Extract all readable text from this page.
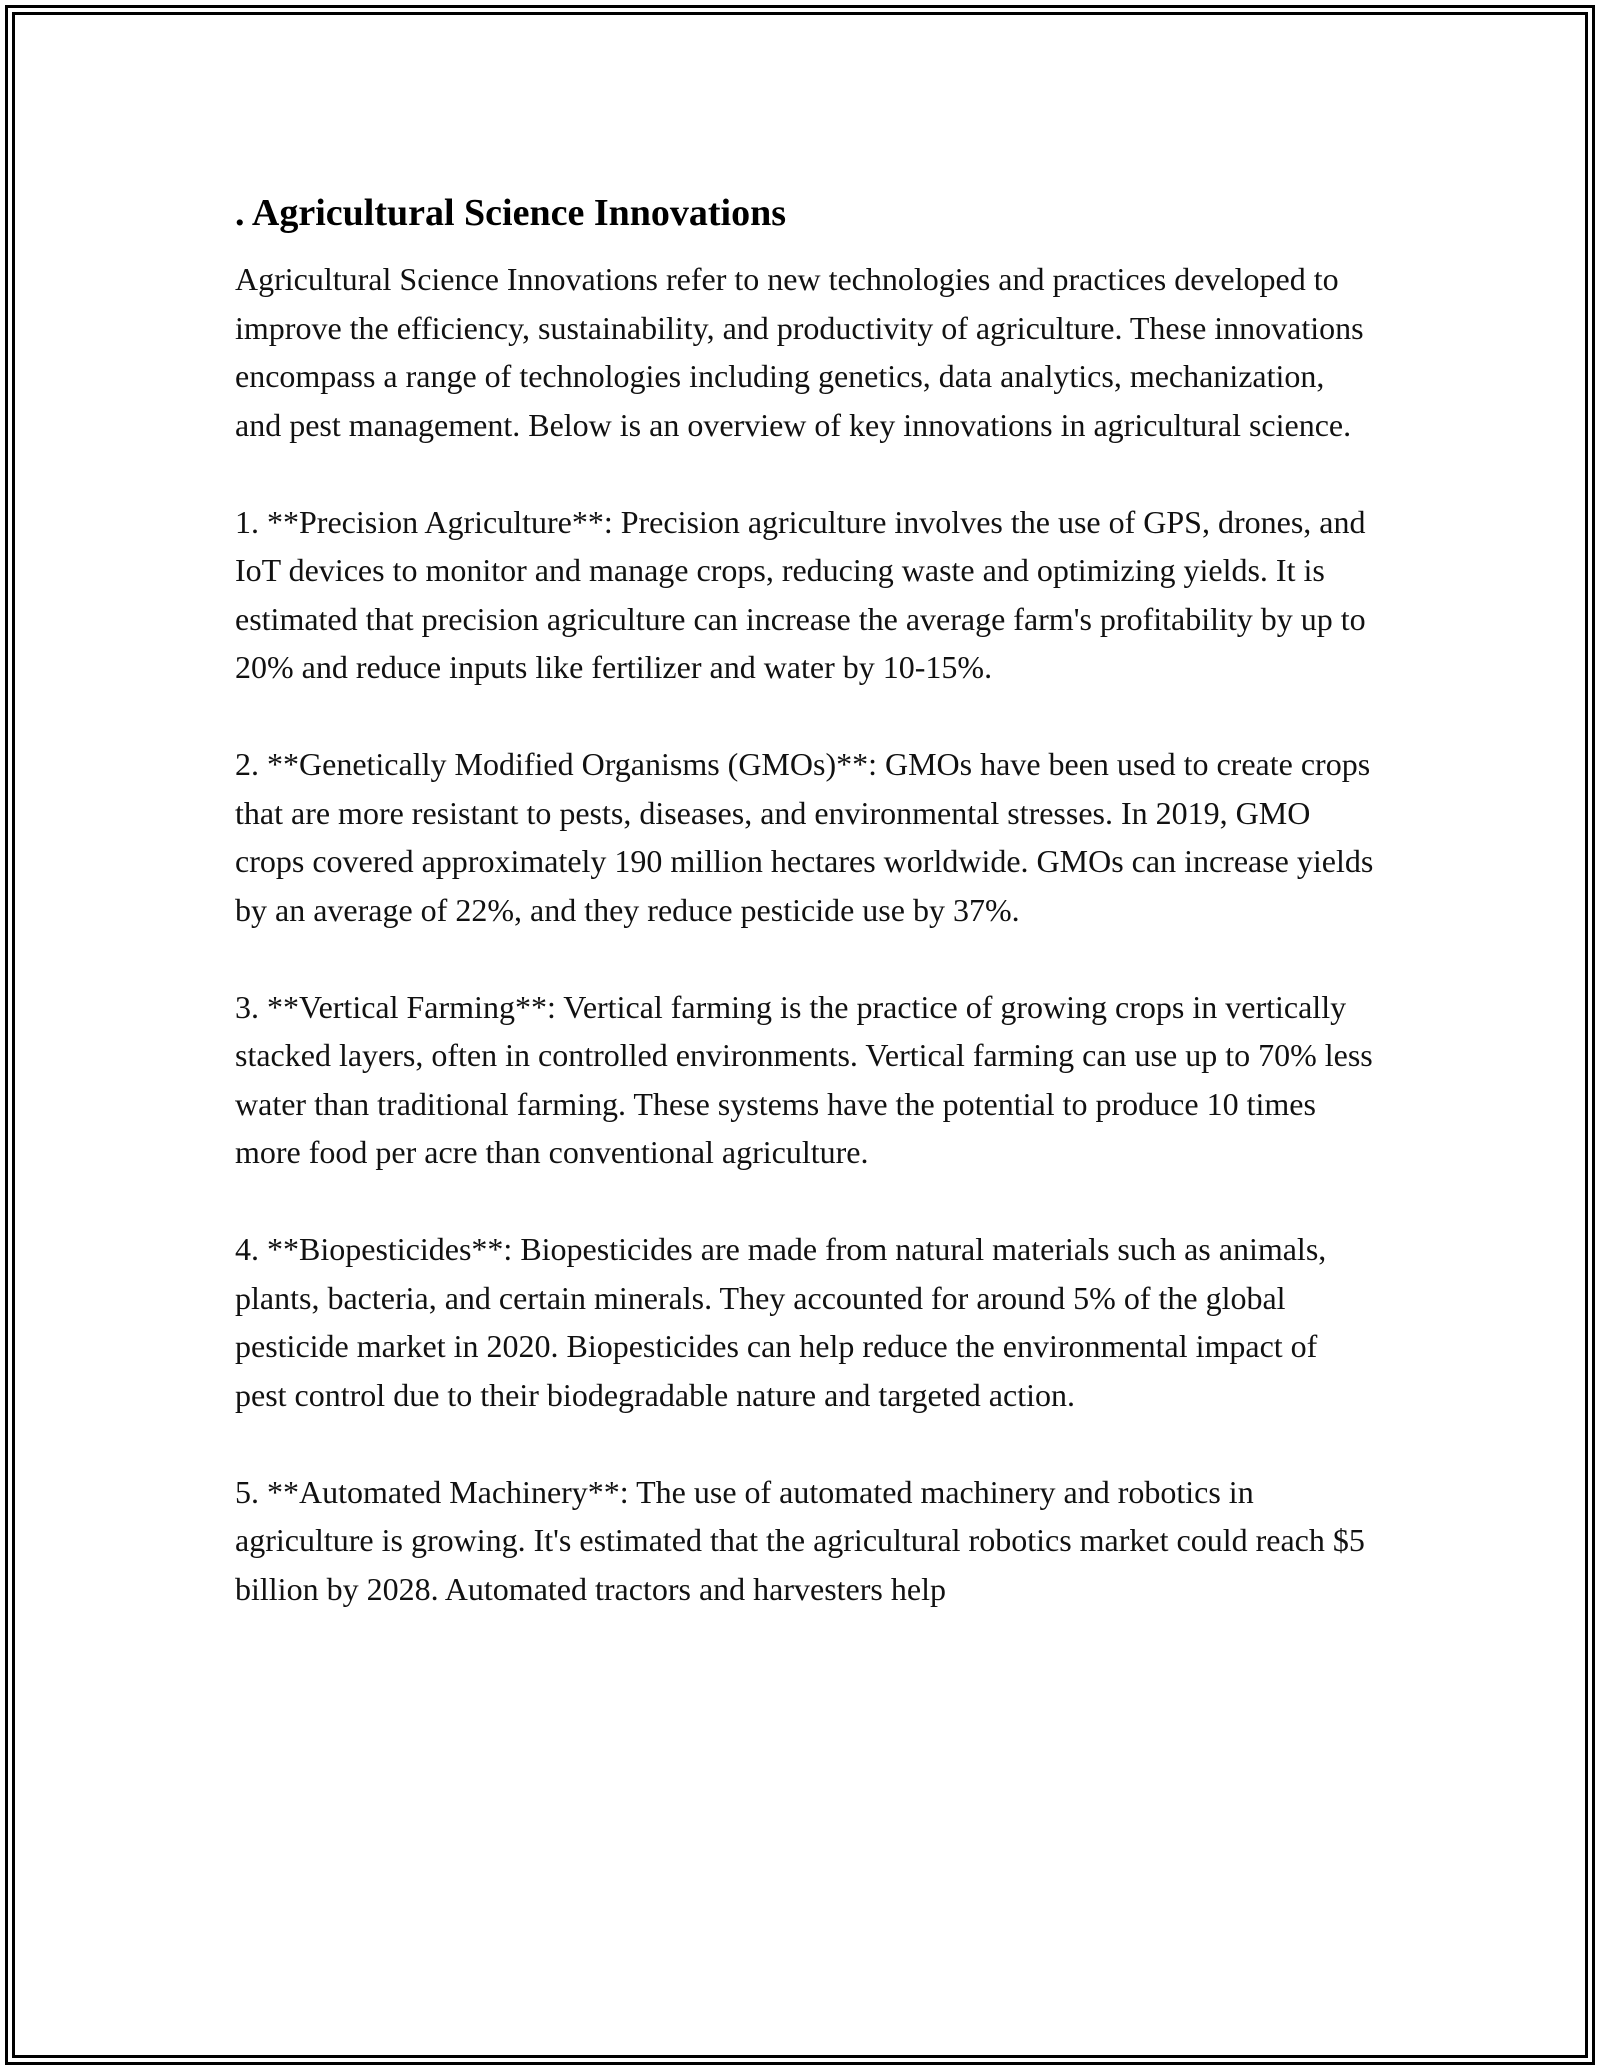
. Agricultural Science Innovations

Agricultural Science Innovations refer to new technologies and practices developed to improve the efficiency, sustainability, and productivity of agriculture. These innovations encompass a range of technologies including genetics, data analytics, mechanization, and pest management. Below is an overview of key innovations in agricultural science.

1. **Precision Agriculture**: Precision agriculture involves the use of GPS, drones, and IoT devices to monitor and manage crops, reducing waste and optimizing yields. It is estimated that precision agriculture can increase the average farm's profitability by up to 20% and reduce inputs like fertilizer and water by 10-15%.

2. **Genetically Modified Organisms (GMOs)**: GMOs have been used to create crops that are more resistant to pests, diseases, and environmental stresses. In 2019, GMO crops covered approximately 190 million hectares worldwide. GMOs can increase yields by an average of 22%, and they reduce pesticide use by 37%.

3. **Vertical Farming**: Vertical farming is the practice of growing crops in vertically stacked layers, often in controlled environments. Vertical farming can use up to 70% less water than traditional farming. These systems have the potential to produce 10 times more food per acre than conventional agriculture.

4. **Biopesticides**: Biopesticides are made from natural materials such as animals, plants, bacteria, and certain minerals. They accounted for around 5% of the global pesticide market in 2020. Biopesticides can help reduce the environmental impact of pest control due to their biodegradable nature and targeted action.

5. **Automated Machinery**: The use of automated machinery and robotics in agriculture is growing. It's estimated that the agricultural robotics market could reach $5 billion by 2028. Automated tractors and harvesters help
